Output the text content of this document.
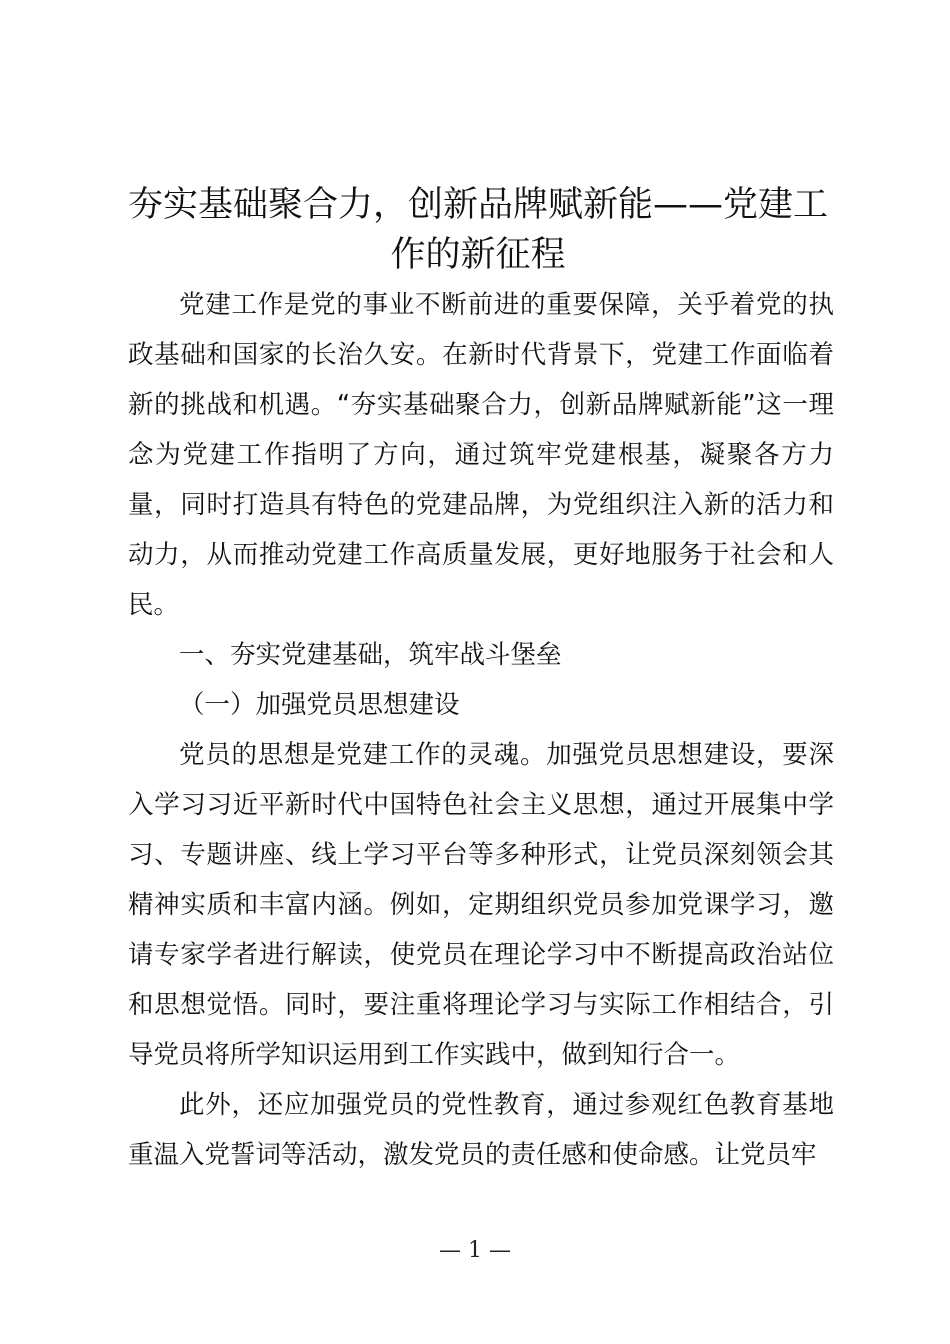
夯实基础聚合力，创新品牌赋新能——党建工作的新征程

党建工作是党的事业不断前进的重要保障，关乎着党的执政基础和国家的长治久安。在新时代背景下，党建工作面临着新的挑战和机遇。“夯实基础聚合力，创新品牌赋新能”这一理念为党建工作指明了方向，通过筑牢党建根基，凝聚各方力量，同时打造具有特色的党建品牌，为党组织注入新的活力和动力，从而推动党建工作高质量发展，更好地服务于社会和人民。

一、夯实党建基础，筑牢战斗堡垒

（一）加强党员思想建设

党员的思想是党建工作的灵魂。加强党员思想建设，要深入学习习近平新时代中国特色社会主义思想，通过开展集中学习、专题讲座、线上学习平台等多种形式，让党员深刻领会其精神实质和丰富内涵。例如，定期组织党员参加党课学习，邀请专家学者进行解读，使党员在理论学习中不断提高政治站位和思想觉悟。同时，要注重将理论学习与实际工作相结合，引导党员将所学知识运用到工作实践中，做到知行合一。

此外，还应加强党员的党性教育，通过参观红色教育基地重温入党誓词等活动，激发党员的责任感和使命感。让党员牢

— 1 —
